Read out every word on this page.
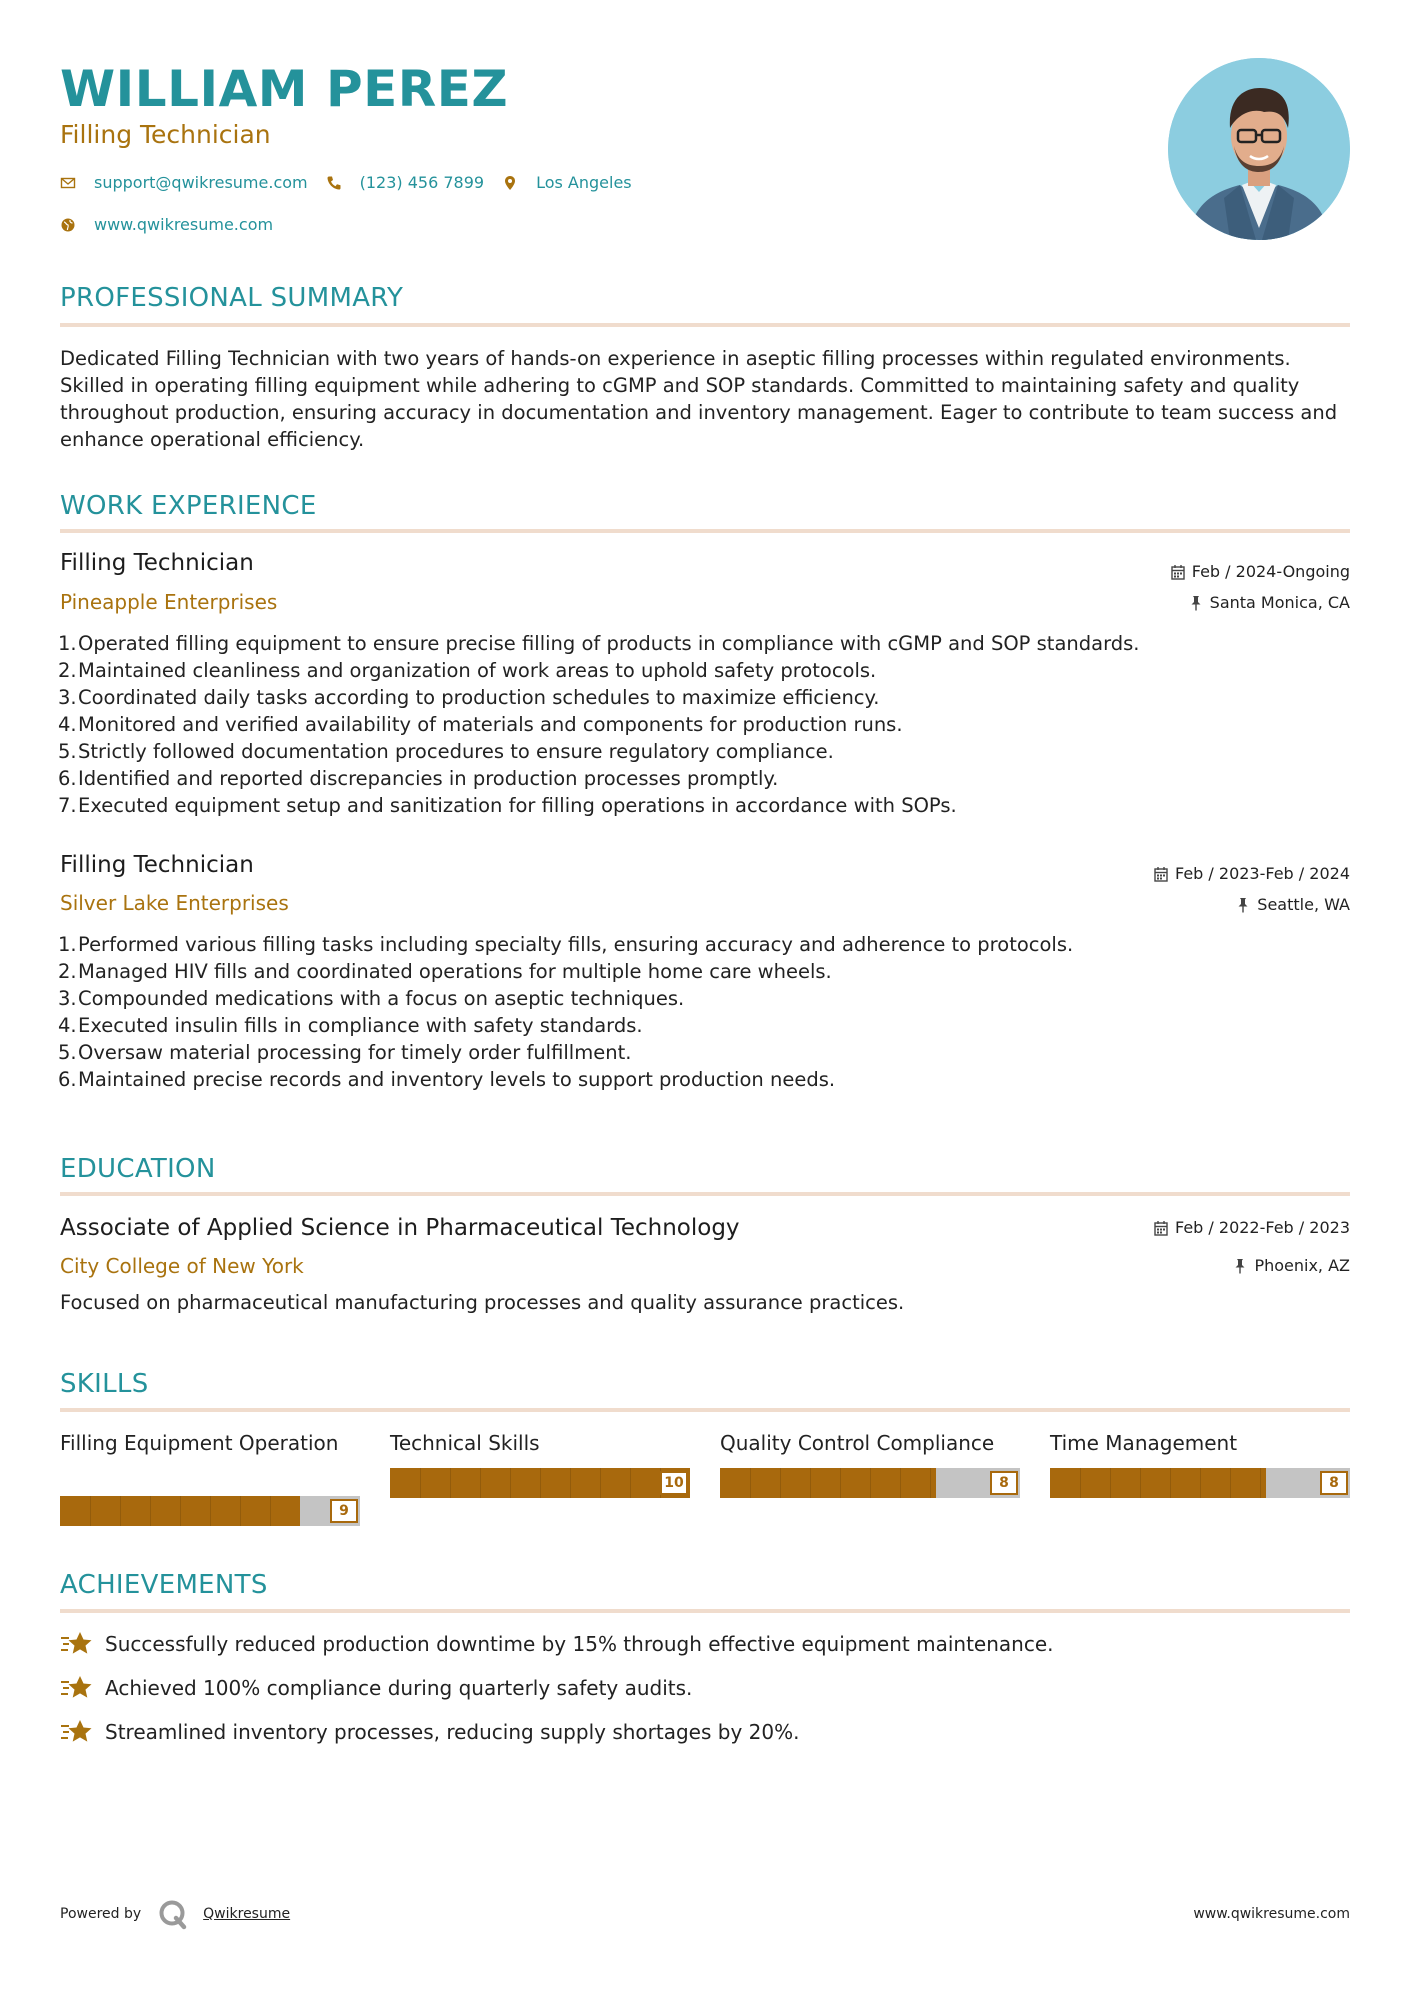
WILLIAM PEREZ
Filling Technician
support@qwikresume.com	(123) 456 7899	Los Angeles
www.qwikresume.com
PROFESSIONAL SUMMARY
Dedicated Filling Technician with two years of hands-on experience in aseptic filling processes within regulated environments. Skilled in operating filling equipment while adhering to cGMP and SOP standards. Committed to maintaining safety and quality throughout production, ensuring accuracy in documentation and inventory management. Eager to contribute to team success and enhance operational efficiency.
WORK EXPERIENCE
Filling Technician	Feb / 2024-Ongoing
Pineapple Enterprises	Santa Monica, CA
1. Operated filling equipment to ensure precise filling of products in compliance with cGMP and SOP standards.
2. Maintained cleanliness and organization of work areas to uphold safety protocols.
3. Coordinated daily tasks according to production schedules to maximize efficiency.
4. Monitored and verified availability of materials and components for production runs.
5. Strictly followed documentation procedures to ensure regulatory compliance.
6. Identified and reported discrepancies in production processes promptly.
7. Executed equipment setup and sanitization for filling operations in accordance with SOPs.
Filling Technician	Feb / 2023-Feb / 2024
Silver Lake Enterprises	Seattle, WA
1. Performed various filling tasks including specialty fills, ensuring accuracy and adherence to protocols.
2. Managed HIV fills and coordinated operations for multiple home care wheels.
3. Compounded medications with a focus on aseptic techniques.
4. Executed insulin fills in compliance with safety standards.
5. Oversaw material processing for timely order fulfillment.
6. Maintained precise records and inventory levels to support production needs.
EDUCATION
Associate of Applied Science in Pharmaceutical Technology	Feb / 2022-Feb / 2023
City College of New York	Phoenix, AZ
Focused on pharmaceutical manufacturing processes and quality assurance practices.
SKILLS
Filling Equipment Operation
9
Technical Skills
10
Quality Control Compliance
8
Time Management
8
ACHIEVEMENTS
Successfully reduced production downtime by 15% through effective equipment maintenance.
Achieved 100% compliance during quarterly safety audits.
Streamlined inventory processes, reducing supply shortages by 20%.
Powered by	Qwikresume	www.qwikresume.com
